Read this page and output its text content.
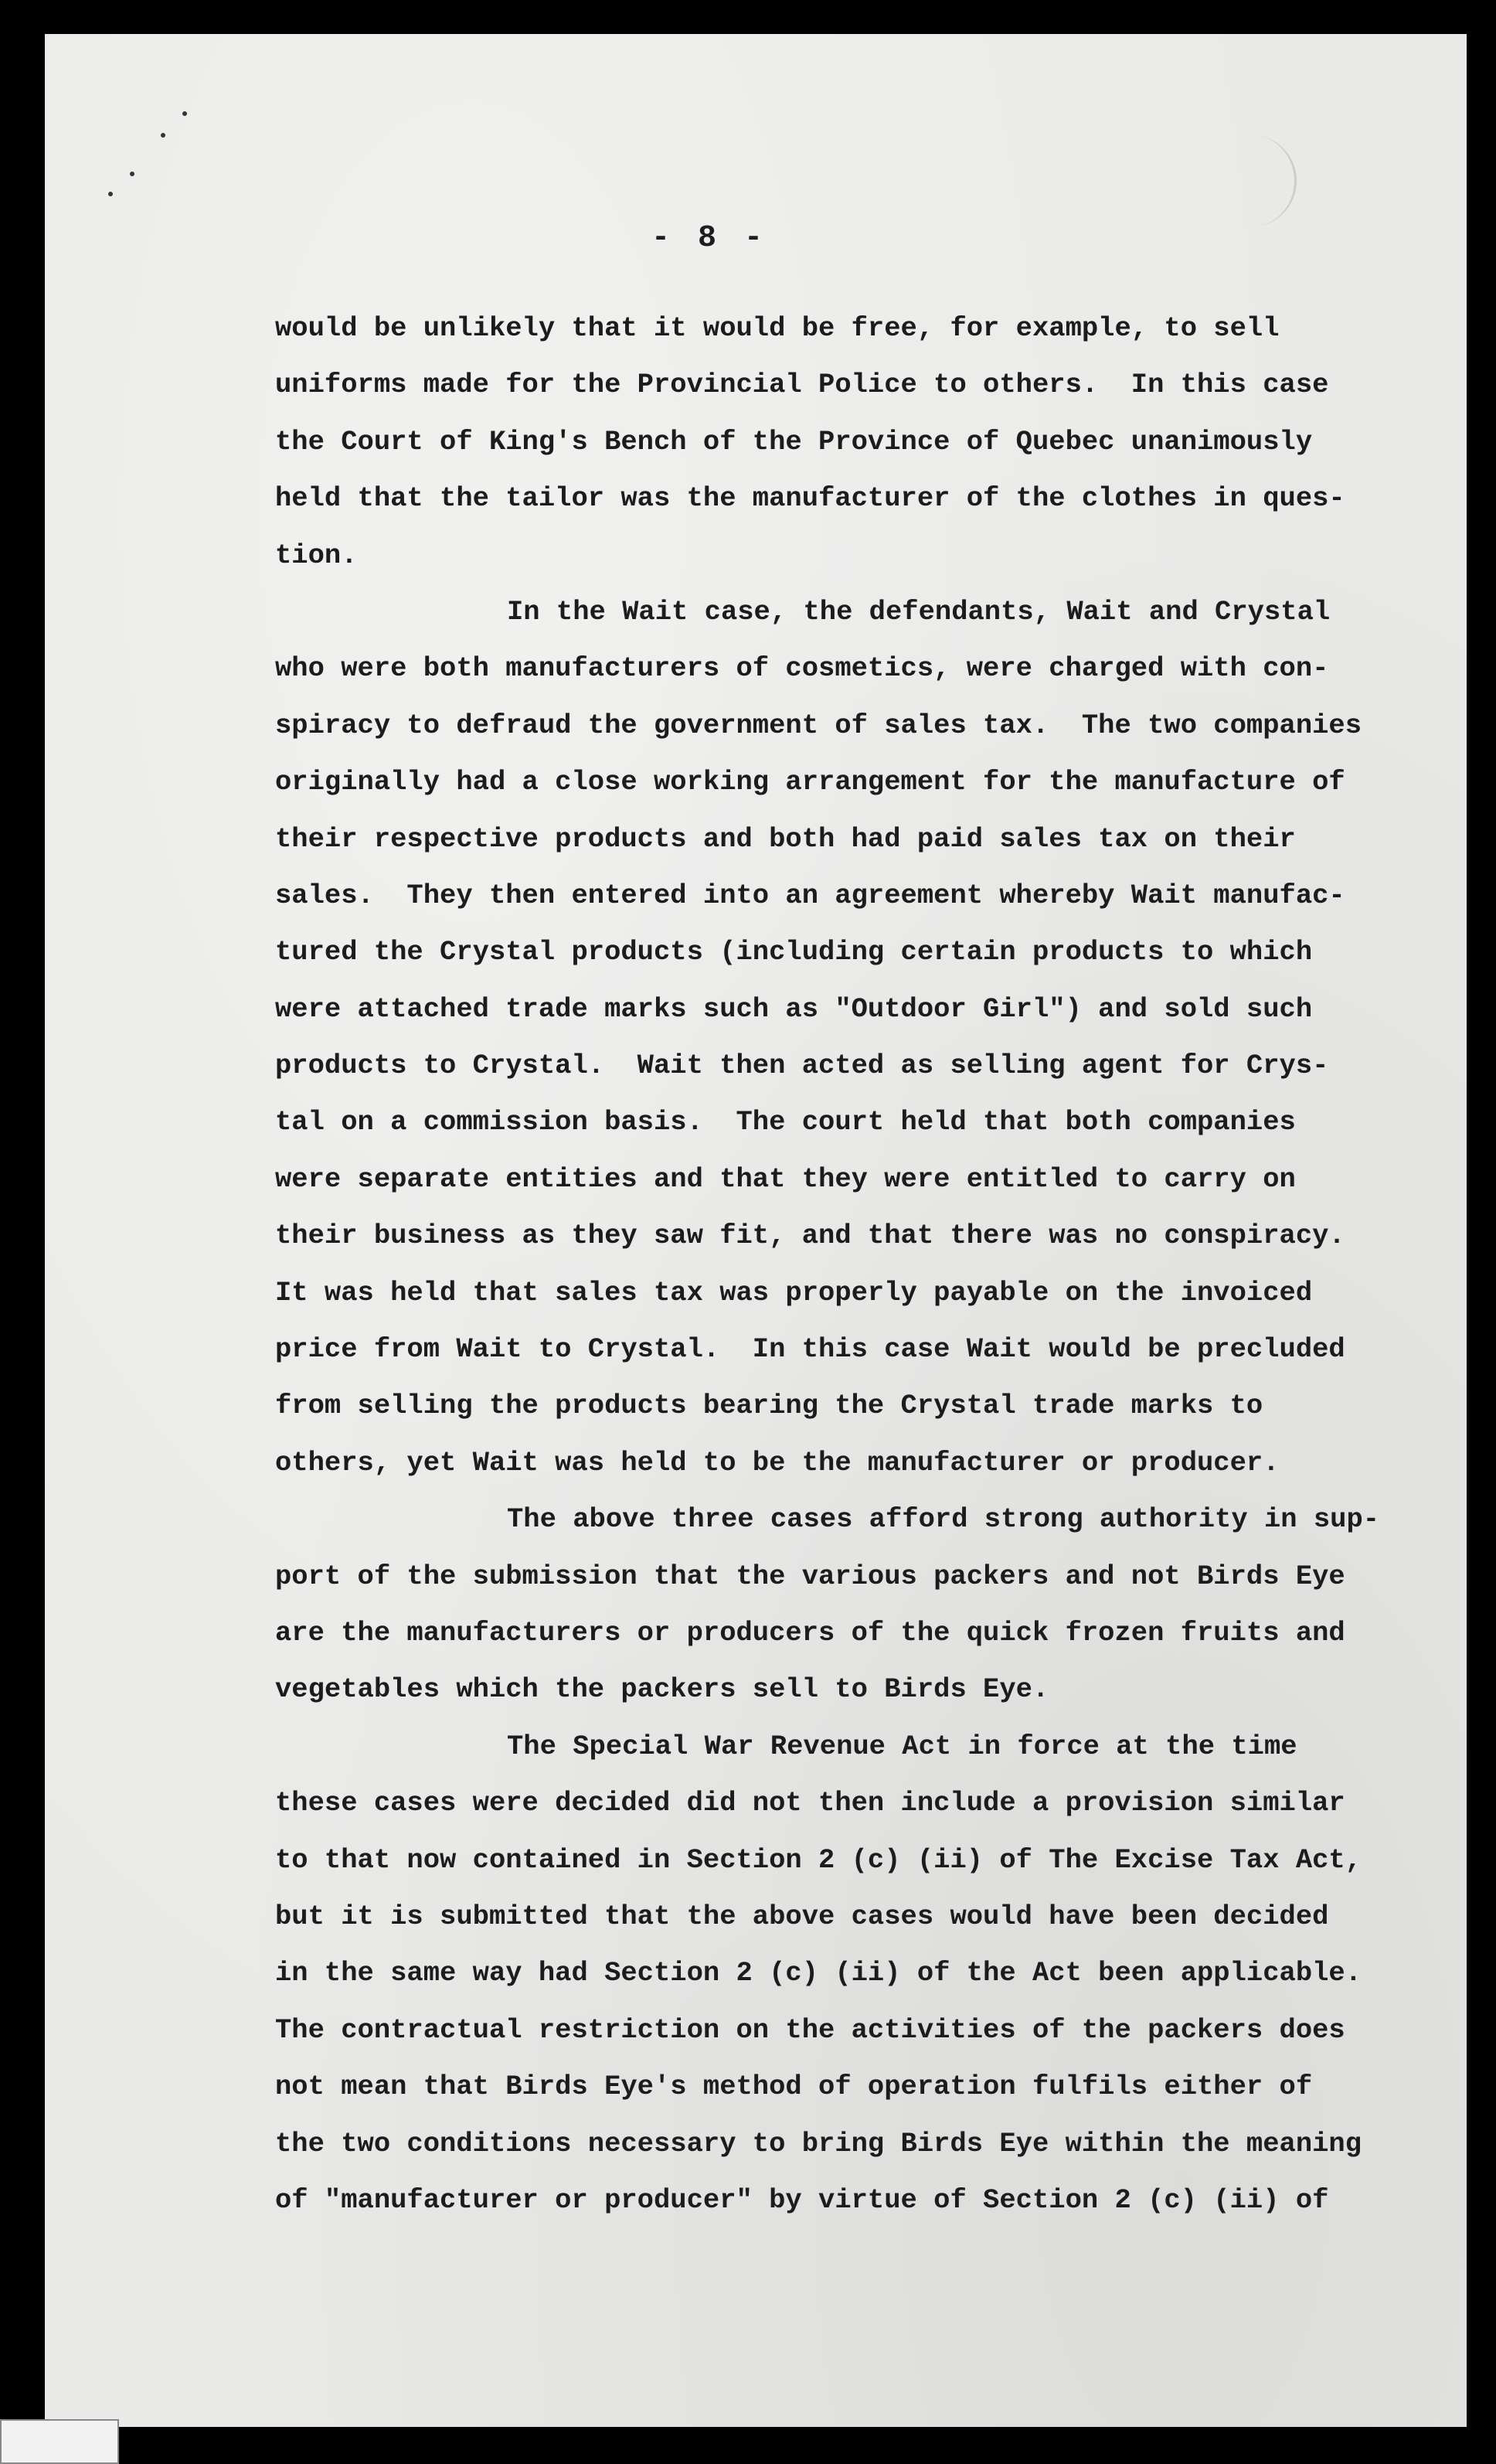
- 8 -
would be unlikely that it would be free, for example, to sell
uniforms made for the Provincial Police to others.  In this case
the Court of King's Bench of the Province of Quebec unanimously
held that the tailor was the manufacturer of the clothes in ques-
tion.
In the Wait case, the defendants, Wait and Crystal
who were both manufacturers of cosmetics, were charged with con-
spiracy to defraud the government of sales tax.  The two companies
originally had a close working arrangement for the manufacture of
their respective products and both had paid sales tax on their
sales.  They then entered into an agreement whereby Wait manufac-
tured the Crystal products (including certain products to which
were attached trade marks such as "Outdoor Girl") and sold such
products to Crystal.  Wait then acted as selling agent for Crys-
tal on a commission basis.  The court held that both companies
were separate entities and that they were entitled to carry on
their business as they saw fit, and that there was no conspiracy.
It was held that sales tax was properly payable on the invoiced
price from Wait to Crystal.  In this case Wait would be precluded
from selling the products bearing the Crystal trade marks to
others, yet Wait was held to be the manufacturer or producer.
The above three cases afford strong authority in sup-
port of the submission that the various packers and not Birds Eye
are the manufacturers or producers of the quick frozen fruits and
vegetables which the packers sell to Birds Eye.
The Special War Revenue Act in force at the time
these cases were decided did not then include a provision similar
to that now contained in Section 2 (c) (ii) of The Excise Tax Act,
but it is submitted that the above cases would have been decided
in the same way had Section 2 (c) (ii) of the Act been applicable.
The contractual restriction on the activities of the packers does
not mean that Birds Eye's method of operation fulfils either of
the two conditions necessary to bring Birds Eye within the meaning
of "manufacturer or producer" by virtue of Section 2 (c) (ii) of
